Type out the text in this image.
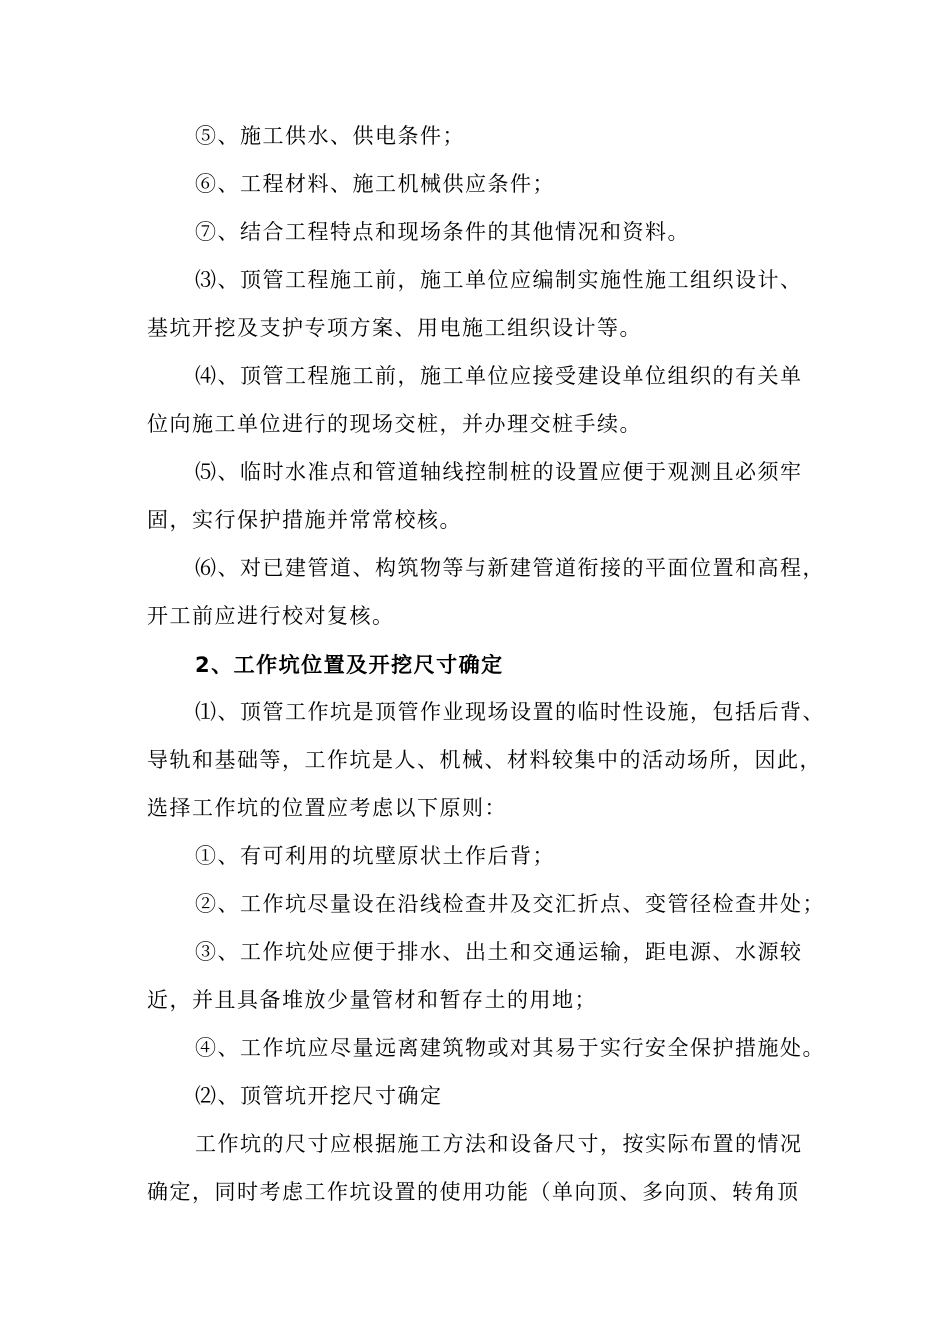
⑤、施工供水、供电条件；
⑥、工程材料、施工机械供应条件；
⑦、结合工程特点和现场条件的其他情况和资料。
⑶、顶管工程施工前，施工单位应编制实施性施工组织设计、
基坑开挖及支护专项方案、用电施工组织设计等。
⑷、顶管工程施工前，施工单位应接受建设单位组织的有关单
位向施工单位进行的现场交桩，并办理交桩手续。
⑸、临时水准点和管道轴线控制桩的设置应便于观测且必须牢
固，实行保护措施并常常校核。
⑹、对已建管道、构筑物等与新建管道衔接的平面位置和高程，
开工前应进行校对复核。
2、工作坑位置及开挖尺寸确定
⑴、顶管工作坑是顶管作业现场设置的临时性设施，包括后背、
导轨和基础等，工作坑是人、机械、材料较集中的活动场所，因此，
选择工作坑的位置应考虑以下原则：
①、有可利用的坑壁原状土作后背；
②、工作坑尽量设在沿线检查井及交汇折点、变管径检查井处；
③、工作坑处应便于排水、出土和交通运输，距电源、水源较
近，并且具备堆放少量管材和暂存土的用地；
④、工作坑应尽量远离建筑物或对其易于实行安全保护措施处。
⑵、顶管坑开挖尺寸确定
工作坑的尺寸应根据施工方法和设备尺寸，按实际布置的情况
确定，同时考虑工作坑设置的使用功能（单向顶、多向顶、转角顶
